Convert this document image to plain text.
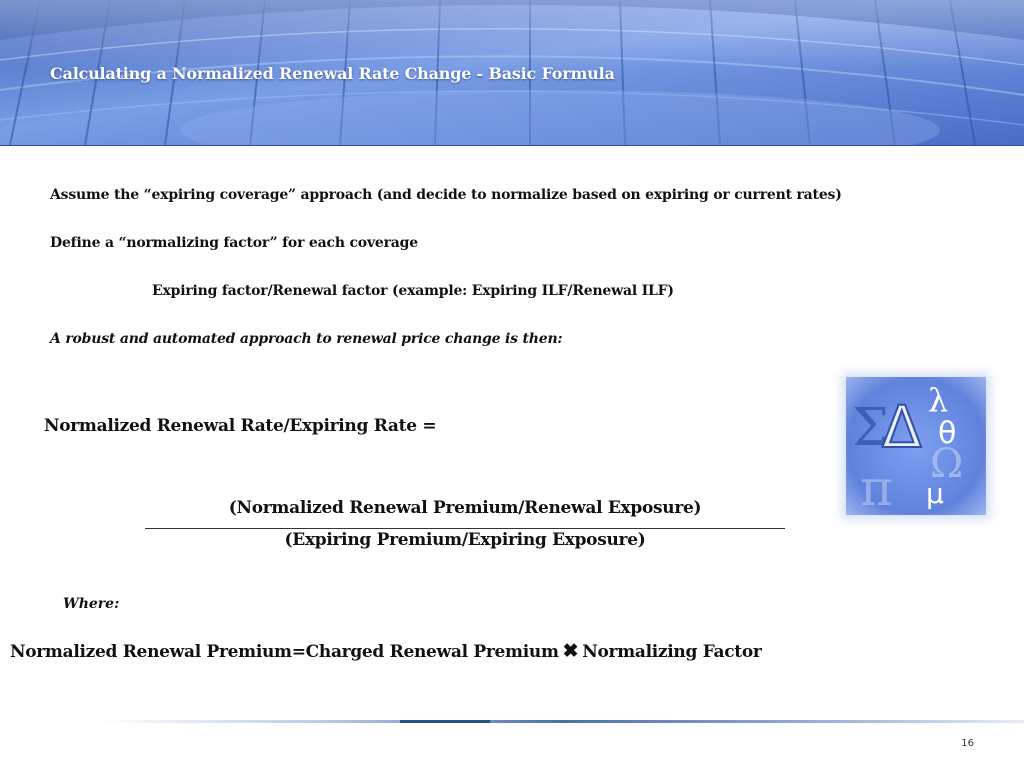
Calculating a Normalized Renewal Rate Change - Basic Formula
Assume the “expiring coverage” approach (and decide to normalize based on expiring or current rates)
Define a “normalizing factor” for each coverage
Expiring factor/Renewal factor (example: Expiring ILF/Renewal ILF)
A robust and automated approach to renewal price change is then:
Normalized Renewal Rate/Expiring Rate =
(Normalized Renewal Premium/Renewal Exposure)
(Expiring Premium/Expiring Exposure)
Where:
Normalized Renewal Premium=Charged Renewal Premium ✖ Normalizing Factor
Σ
Δ λ
θ
π Ω
μ
16
